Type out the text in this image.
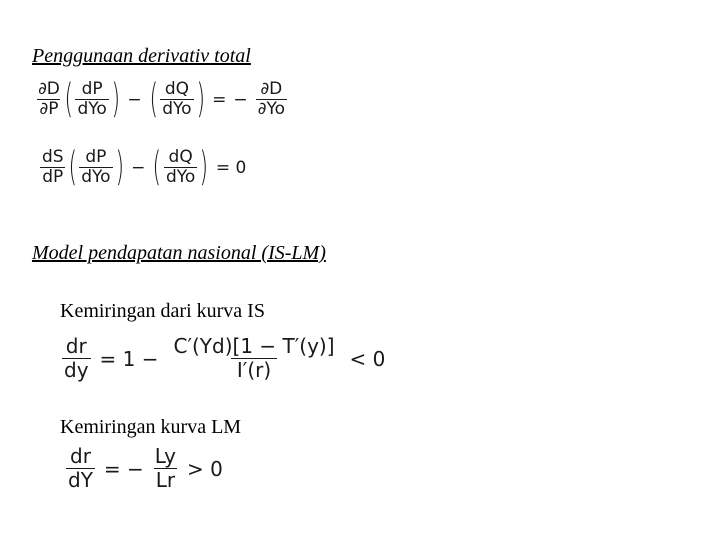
Penggunaan derivativ total
$\frac{\partial D}{\partial P}$ ( $\frac{dP}{\text{dYo}}$ ) − ( $\frac{dQ}{\text{dYo}}$ ) = − $\frac{\partial D}{\partial Yo}$
$\frac{dS}{dP}$ ( $\frac{dP}{\text{dYo}}$ ) − ( $\frac{dQ}{\text{dYo}}$ ) = 0
Model pendapatan nasional (IS-LM)
Kemiringan dari kurva IS
$\frac{dr}{dy} = 1 - \frac{C'(Yd)[1 - T'(y)]}{I'(r)} < 0$
Kemiringan kurva LM
$\frac{dr}{dY}$ = − $\frac{Ly}{Lr} > 0$
